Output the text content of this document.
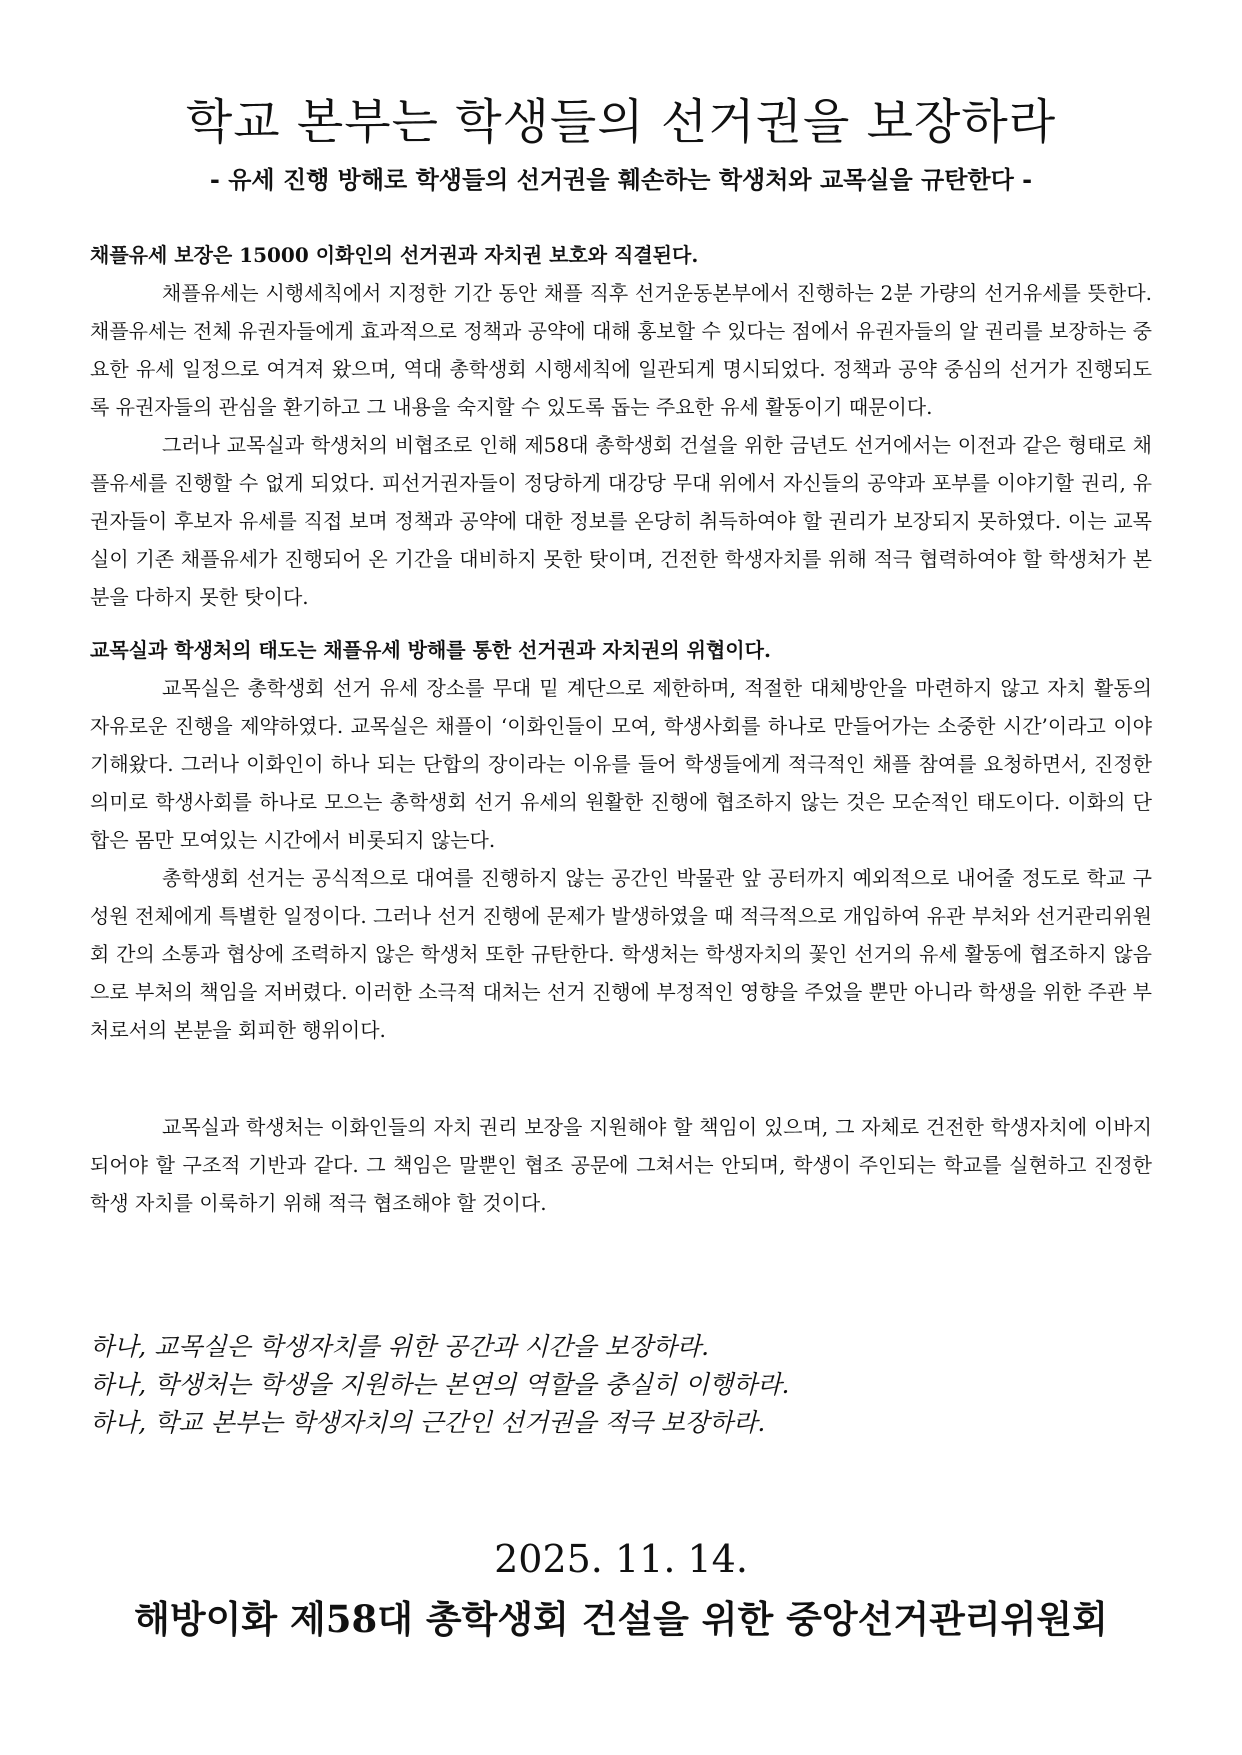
학교 본부는 학생들의 선거권을 보장하라
- 유세 진행 방해로 학생들의 선거권을 훼손하는 학생처와 교목실을 규탄한다 -

채플유세 보장은 15000 이화인의 선거권과 자치권 보호와 직결된다.

채플유세는 시행세칙에서 지정한 기간 동안 채플 직후 선거운동본부에서 진행하는 2분 가량의 선거유세를 뜻한다. 채플유세는 전체 유권자들에게 효과적으로 정책과 공약에 대해 홍보할 수 있다는 점에서 유권자들의 알 권리를 보장하는 중요한 유세 일정으로 여겨져 왔으며, 역대 총학생회 시행세칙에 일관되게 명시되었다. 정책과 공약 중심의 선거가 진행되도록 유권자들의 관심을 환기하고 그 내용을 숙지할 수 있도록 돕는 주요한 유세 활동이기 때문이다.

그러나 교목실과 학생처의 비협조로 인해 제58대 총학생회 건설을 위한 금년도 선거에서는 이전과 같은 형태로 채플유세를 진행할 수 없게 되었다. 피선거권자들이 정당하게 대강당 무대 위에서 자신들의 공약과 포부를 이야기할 권리, 유권자들이 후보자 유세를 직접 보며 정책과 공약에 대한 정보를 온당히 취득하여야 할 권리가 보장되지 못하였다. 이는 교목실이 기존 채플유세가 진행되어 온 기간을 대비하지 못한 탓이며, 건전한 학생자치를 위해 적극 협력하여야 할 학생처가 본분을 다하지 못한 탓이다.

교목실과 학생처의 태도는 채플유세 방해를 통한 선거권과 자치권의 위협이다.

교목실은 총학생회 선거 유세 장소를 무대 밑 계단으로 제한하며, 적절한 대체방안을 마련하지 않고 자치 활동의 자유로운 진행을 제약하였다. 교목실은 채플이 ‘이화인들이 모여, 학생사회를 하나로 만들어가는 소중한 시간’이라고 이야기해왔다. 그러나 이화인이 하나 되는 단합의 장이라는 이유를 들어 학생들에게 적극적인 채플 참여를 요청하면서, 진정한 의미로 학생사회를 하나로 모으는 총학생회 선거 유세의 원활한 진행에 협조하지 않는 것은 모순적인 태도이다. 이화의 단합은 몸만 모여있는 시간에서 비롯되지 않는다.

총학생회 선거는 공식적으로 대여를 진행하지 않는 공간인 박물관 앞 공터까지 예외적으로 내어줄 정도로 학교 구성원 전체에게 특별한 일정이다. 그러나 선거 진행에 문제가 발생하였을 때 적극적으로 개입하여 유관 부처와 선거관리위원회 간의 소통과 협상에 조력하지 않은 학생처 또한 규탄한다. 학생처는 학생자치의 꽃인 선거의 유세 활동에 협조하지 않음으로 부처의 책임을 저버렸다. 이러한 소극적 대처는 선거 진행에 부정적인 영향을 주었을 뿐만 아니라 학생을 위한 주관 부처로서의 본분을 회피한 행위이다.

교목실과 학생처는 이화인들의 자치 권리 보장을 지원해야 할 책임이 있으며, 그 자체로 건전한 학생자치에 이바지되어야 할 구조적 기반과 같다. 그 책임은 말뿐인 협조 공문에 그쳐서는 안되며, 학생이 주인되는 학교를 실현하고 진정한 학생 자치를 이룩하기 위해 적극 협조해야 할 것이다.

하나, 교목실은 학생자치를 위한 공간과 시간을 보장하라.
하나, 학생처는 학생을 지원하는 본연의 역할을 충실히 이행하라.
하나, 학교 본부는 학생자치의 근간인 선거권을 적극 보장하라.
2025. 11. 14.
해방이화 제58대 총학생회 건설을 위한 중앙선거관리위원회
